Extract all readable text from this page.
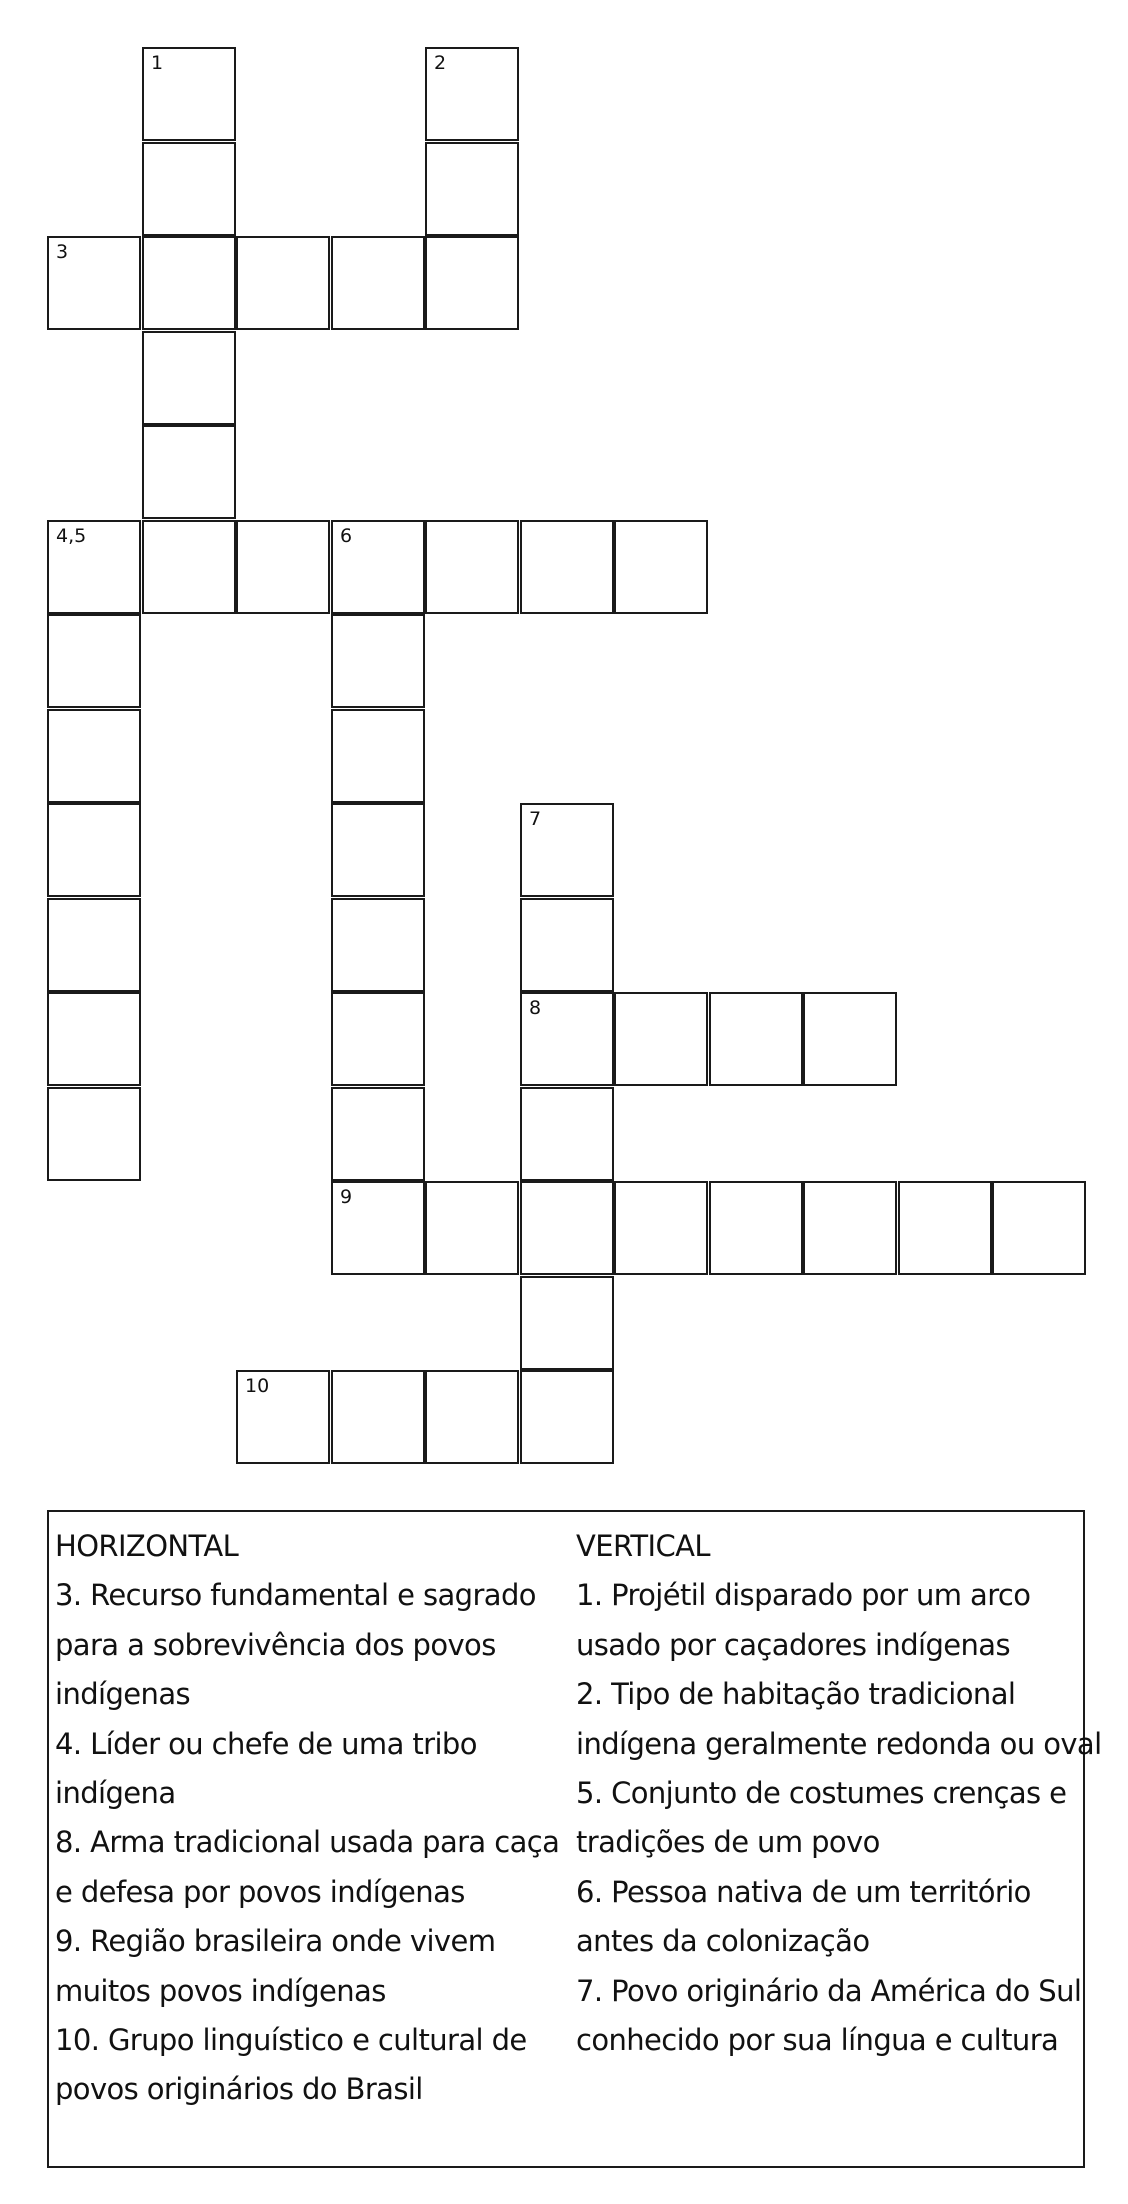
1	2
3
4,5	6
7
8
9
10
HORIZONTAL
3. Recurso fundamental e sagrado
para a sobrevivência dos povos
indígenas
4. Líder ou chefe de uma tribo
indígena
8. Arma tradicional usada para caça
e defesa por povos indígenas
9. Região brasileira onde vivem
muitos povos indígenas
10. Grupo linguístico e cultural de
povos originários do Brasil
VERTICAL
1. Projétil disparado por um arco
usado por caçadores indígenas
2. Tipo de habitação tradicional
indígena geralmente redonda ou oval
5. Conjunto de costumes crenças e
tradições de um povo
6. Pessoa nativa de um território
antes da colonização
7. Povo originário da América do Sul
conhecido por sua língua e cultura
